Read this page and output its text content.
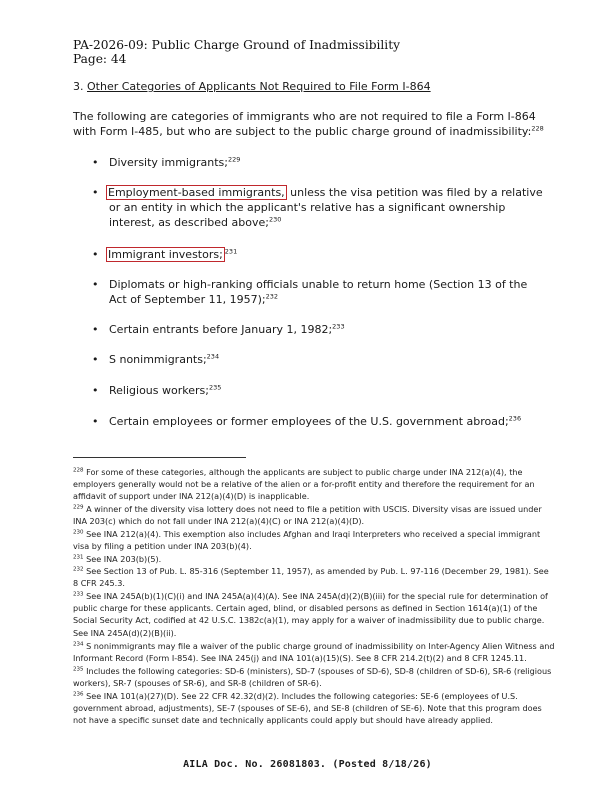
PA-2026-09: Public Charge Ground of Inadmissibility
Page: 44
3. Other Categories of Applicants Not Required to File Form I-864
The following are categories of immigrants who are not required to file a Form I-864 with Form I-485, but who are subject to the public charge ground of inadmissibility:$^{228}$
• Diversity immigrants;$^{229}$
• Employment-based immigrants, unless the visa petition was filed by a relative or an entity in which the applicant's relative has a significant ownership interest, as described above;$^{230}$
• Immigrant investors; $^{231}$
• Diplomats or high-ranking officials unable to return home (Section 13 of the Act of September 11, 1957);$^{232}$
• Certain entrants before January 1, 1982;$^{233}$
• S nonimmigrants;$^{234}$
• Religious workers;$^{235}$
• Certain employees or former employees of the U.S. government abroad;$^{236}$
$^{228}$ For some of these categories, although the applicants are subject to public charge under INA 212(a)(4), the employers generally would not be a relative of the alien or a for-profit entity and therefore the requirement for an affidavit of support under INA 212(a)(4)(D) is inapplicable.
$^{229}$ A winner of the diversity visa lottery does not need to file a petition with USCIS. Diversity visas are issued under INA 203(c) which do not fall under INA 212(a)(4)(C) or INA 212(a)(4)(D).
$^{230}$ See INA 212(a)(4). This exemption also includes Afghan and Iraqi Interpreters who received a special immigrant visa by filing a petition under INA 203(b)(4).
$^{231}$ See INA 203(b)(5).
$^{232}$ See Section 13 of Pub. L. 85-316 (September 11, 1957), as amended by Pub. L. 97-116 (December 29, 1981). See 8 CFR 245.3.
$^{233}$ See INA 245A(b)(1)(C)(i) and INA 245A(a)(4)(A). See INA 245A(d)(2)(B)(iii) for the special rule for determination of public charge for these applicants. Certain aged, blind, or disabled persons as defined in Section 1614(a)(1) of the Social Security Act, codified at 42 U.S.C. 1382c(a)(1), may apply for a waiver of inadmissibility due to public charge. See INA 245A(d)(2)(B)(ii).
$^{234}$ S nonimmigrants may file a waiver of the public charge ground of inadmissibility on Inter-Agency Alien Witness and Informant Record (Form I-854). See INA 245(j) and INA 101(a)(15)(S). See 8 CFR 214.2(t)(2) and 8 CFR 1245.11.
$^{235}$ Includes the following categories: SD-6 (ministers), SD-7 (spouses of SD-6), SD-8 (children of SD-6), SR-6 (religious workers), SR-7 (spouses of SR-6), and SR-8 (children of SR-6).
$^{236}$ See INA 101(a)(27)(D). See 22 CFR 42.32(d)(2). Includes the following categories: SE-6 (employees of U.S. government abroad, adjustments), SE-7 (spouses of SE-6), and SE-8 (children of SE-6). Note that this program does not have a specific sunset date and technically applicants could apply but should have already applied.
AILA Doc. No. 26081803. (Posted 8/18/26)
